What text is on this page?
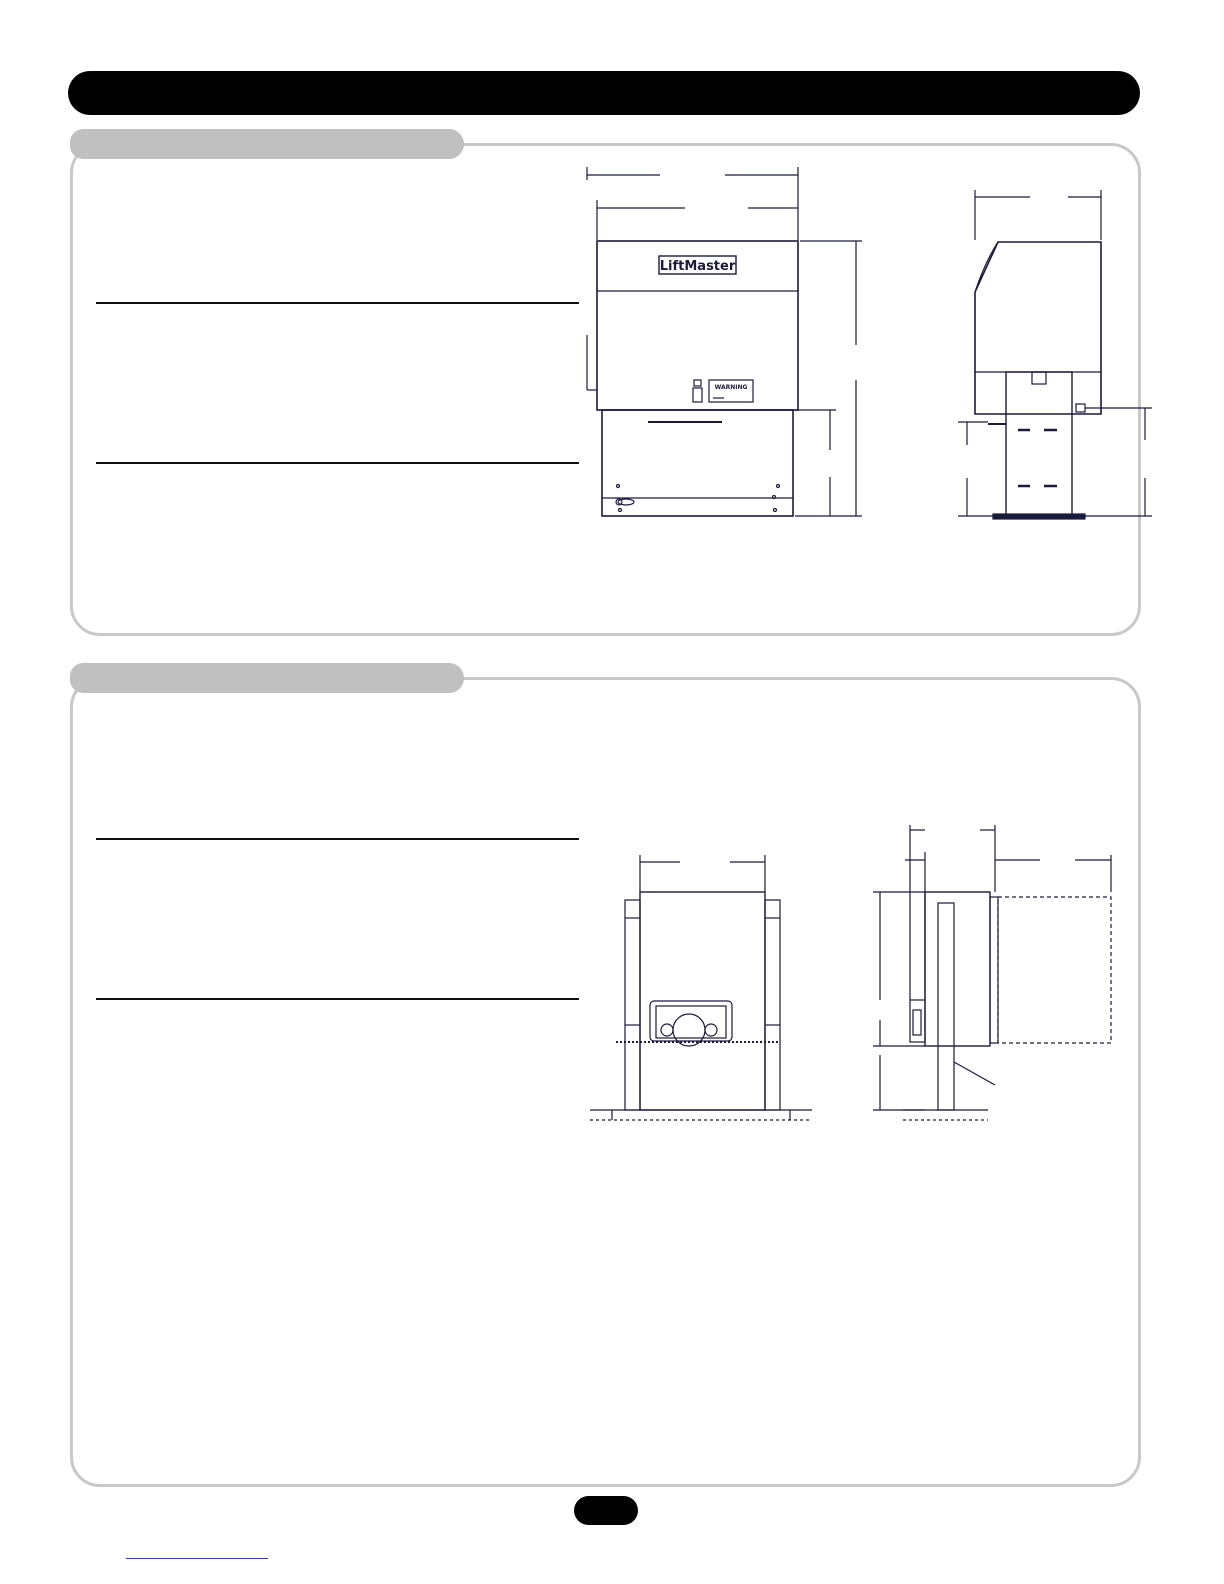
LiftMaster
WARNING
